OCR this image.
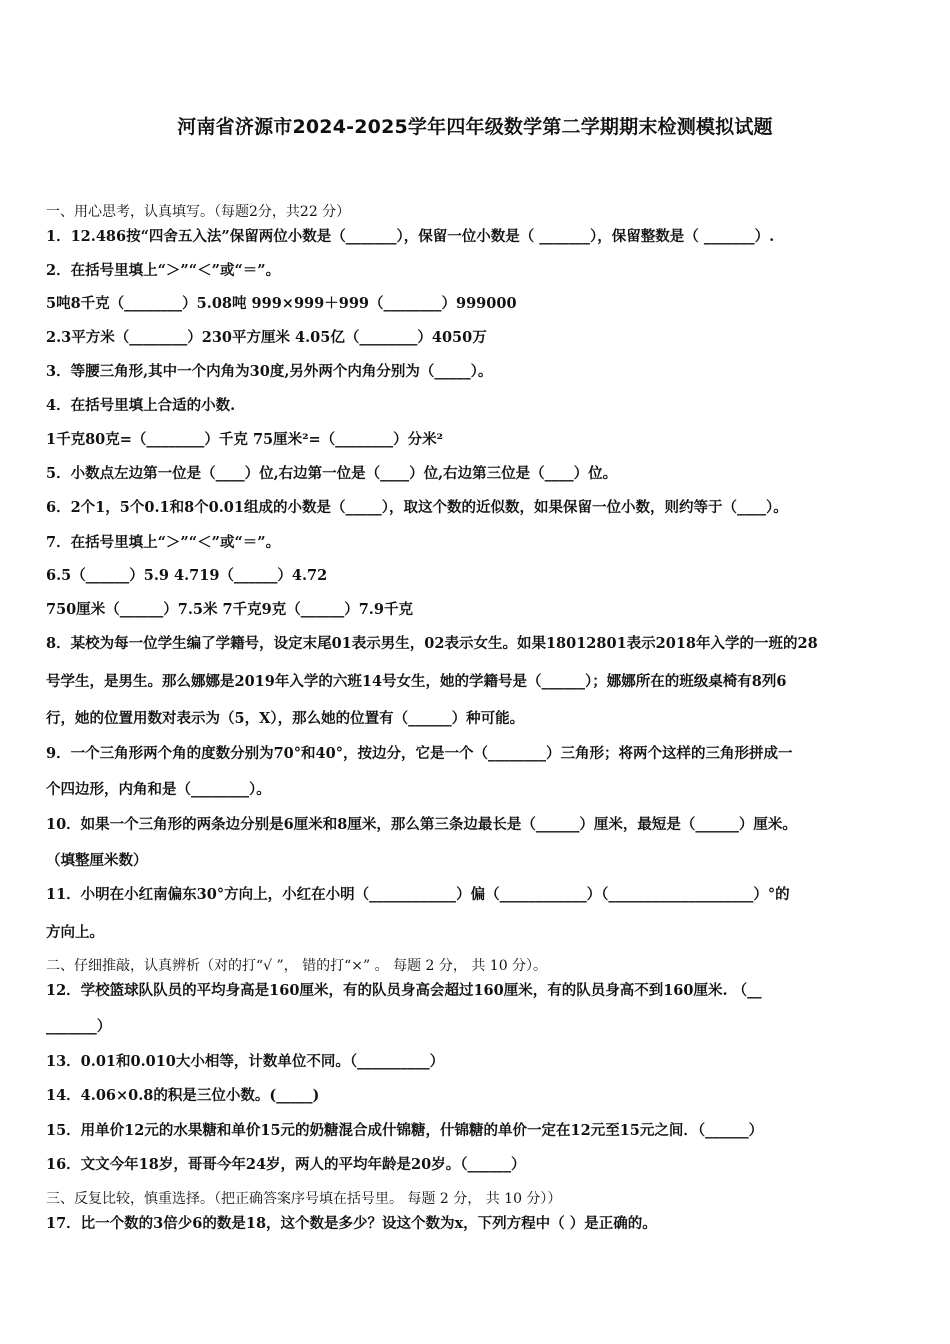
河南省济源市2024-2025学年四年级数学第二学期期末检测模拟试题
一、用心思考，认真填写。（每题2分，共22 分）
1．12.486按“四舍五入法”保留两位小数是（_______），保留一位小数是（ _______），保留整数是（ _______）.
2．在括号里填上“＞”“＜”或“＝”。
5吨8千克（________）5.08吨 999×999＋999（________）999000
2.3平方米（________）230平方厘米 4.05亿（________）4050万
3．等腰三角形,其中一个内角为30度,另外两个内角分别为（_____）。
4．在括号里填上合适的小数.
1千克80克=（________）千克 75厘米²=（________）分米²
5．小数点左边第一位是（____）位,右边第一位是（____）位,右边第三位是（____）位。
6．2个1，5个0.1和8个0.01组成的小数是（_____），取这个数的近似数，如果保留一位小数，则约等于（____）。
7．在括号里填上“＞”“＜”或“＝”。
6.5（______）5.9 4.719（______）4.72
750厘米（______）7.5米 7千克9克（______）7.9千克
8．某校为每一位学生编了学籍号，设定末尾01表示男生，02表示女生。如果18012801表示2018年入学的一班的28
号学生，是男生。那么娜娜是2019年入学的六班14号女生，她的学籍号是（______）；娜娜所在的班级桌椅有8列6
行，她的位置用数对表示为（5，X），那么她的位置有（______）种可能。
9．一个三角形两个角的度数分别为70°和40°，按边分，它是一个（________）三角形；将两个这样的三角形拼成一
个四边形，内角和是（________）。
10．如果一个三角形的两条边分别是6厘米和8厘米，那么第三条边最长是（______）厘米，最短是（______）厘米。
（填整厘米数）
11．小明在小红南偏东30°方向上，小红在小明（____________）偏（____________）（____________________）°的
方向上。
二、仔细推敲，认真辨析（对的打“√ ”， 错的打“×” 。 每题 2 分， 共 10 分）。
12．学校篮球队队员的平均身高是160厘米，有的队员身高会超过160厘米，有的队员身高不到160厘米. （__
_______）
13．0.01和0.010大小相等，计数单位不同。（__________）
14．4.06×0.8的积是三位小数。(_____)
15．用单价12元的水果糖和单价15元的奶糖混合成什锦糖，什锦糖的单价一定在12元至15元之间．（______）
16．文文今年18岁，哥哥今年24岁，两人的平均年龄是20岁。（______）
三、反复比较，慎重选择。（把正确答案序号填在括号里。 每题 2 分， 共 10 分））
17．比一个数的3倍少6的数是18，这个数是多少？设这个数为x，下列方程中（ ）是正确的。
